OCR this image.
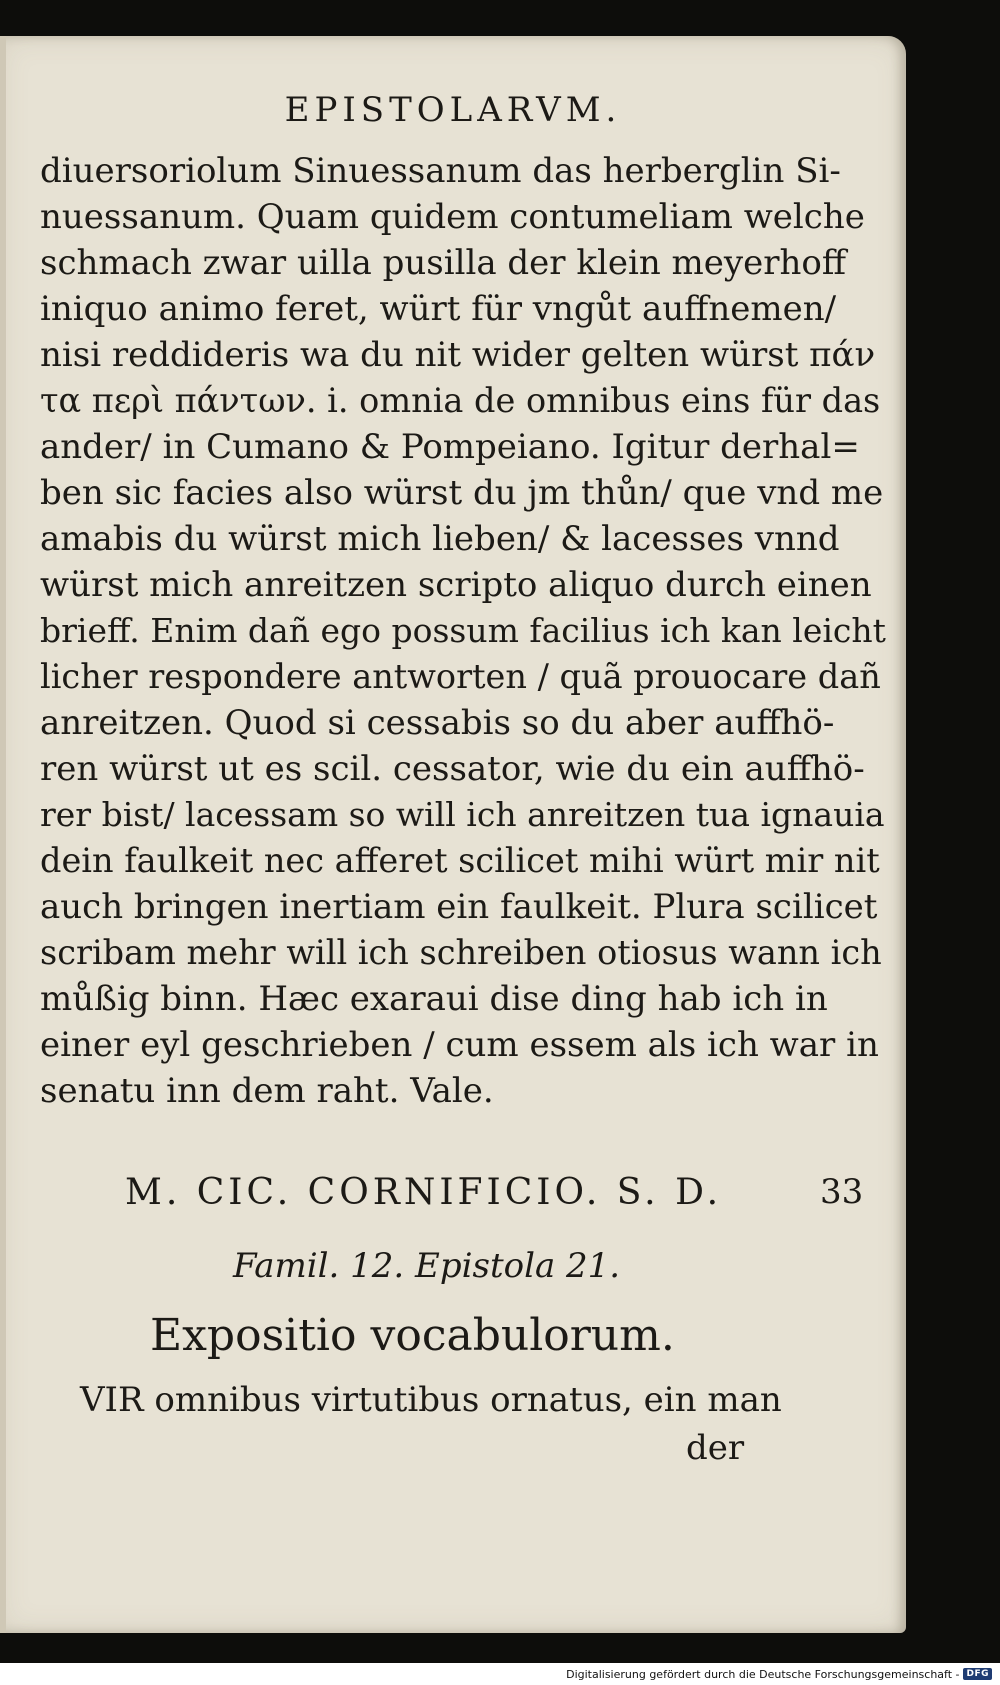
EPISTOLARVM.
diuersoriolum Sinuessanum das herberglin Si-
nuessanum. Quam quidem contumeliam welche
schmach zwar uilla pusilla der klein meyerhoff
iniquo animo feret, würt für vngůt auffnemen/
nisi reddideris wa du nit wider gelten würst πάν
τα περὶ πάντων. i. omnia de omnibus eins für das
ander/ in Cumano & Pompeiano. Igitur derhal=
ben sic facies also würst du jm thůn/ que vnd me
amabis du würst mich lieben/ & lacesses vnnd
würst mich anreitzen scripto aliquo durch einen
brieff. Enim dañ ego possum facilius ich kan leicht
licher respondere antworten / quã prouocare dañ
anreitzen. Quod si cessabis so du aber auffhö-
ren würst ut es scil. cessator, wie du ein auffhö-
rer bist/ lacessam so will ich anreitzen tua ignauia
dein faulkeit nec afferet scilicet mihi würt mir nit
auch bringen inertiam ein faulkeit. Plura scilicet
scribam mehr will ich schreiben otiosus wann ich
můßig binn. Hæc exaraui dise ding hab ich in
einer eyl geschrieben / cum essem als ich war in
senatu inn dem raht. Vale.
M. CIC. CORNIFICIO. S. D.	33
Famil. 12. Epistola 21.
Expositio vocabulorum.
VIR omnibus virtutibus ornatus, ein man
der
Digitalisierung gefördert durch die Deutsche Forschungsgemeinschaft - DFG
